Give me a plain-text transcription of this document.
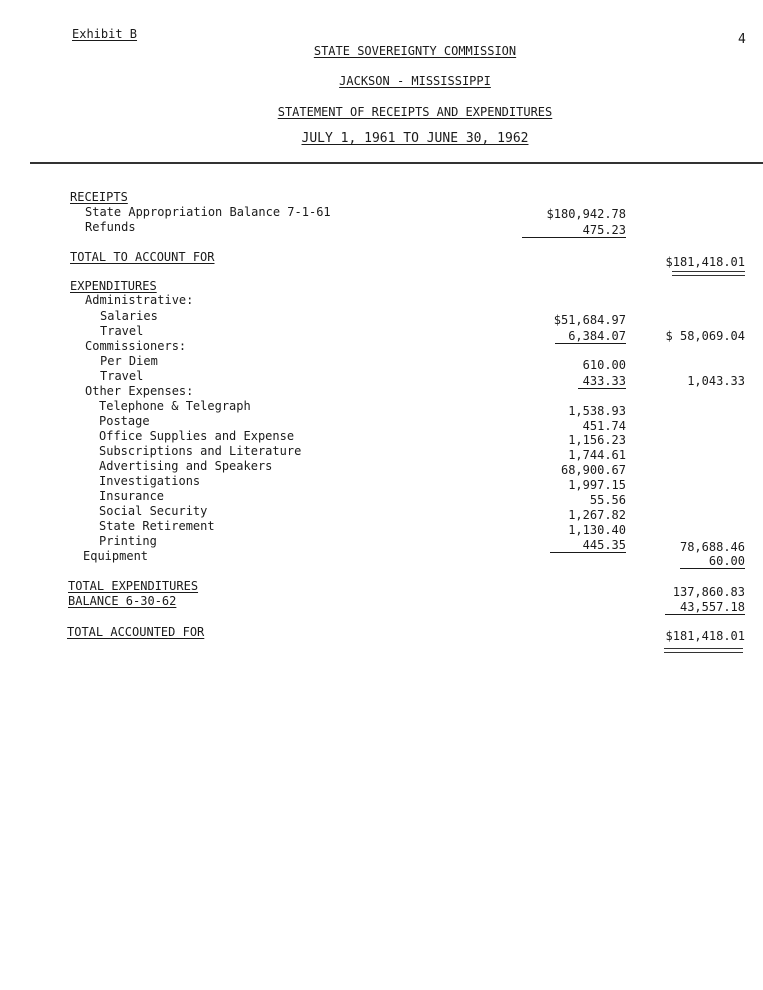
Exhibit B	4
STATE SOVEREIGNTY COMMISSION
JACKSON - MISSISSIPPI
STATEMENT OF RECEIPTS AND EXPENDITURES
JULY 1, 1961 TO JUNE 30, 1962
RECEIPTS
State Appropriation Balance 7-1-61	$180,942.78
Refunds	475.23
TOTAL TO ACCOUNT FOR	$181,418.01
EXPENDITURES
Administrative:
Salaries	$51,684.97
Travel	6,384.07	$ 58,069.04
Commissioners:
Per Diem	610.00
Travel	433.33	1,043.33
Other Expenses:
Telephone & Telegraph	1,538.93
Postage	451.74
Office Supplies and Expense	1,156.23
Subscriptions and Literature	1,744.61
Advertising and Speakers	68,900.67
Investigations	1,997.15
Insurance	55.56
Social Security	1,267.82
State Retirement	1,130.40
Printing	445.35	78,688.46
Equipment	60.00
TOTAL EXPENDITURES	137,860.83
BALANCE 6-30-62	43,557.18
TOTAL ACCOUNTED FOR	$181,418.01
